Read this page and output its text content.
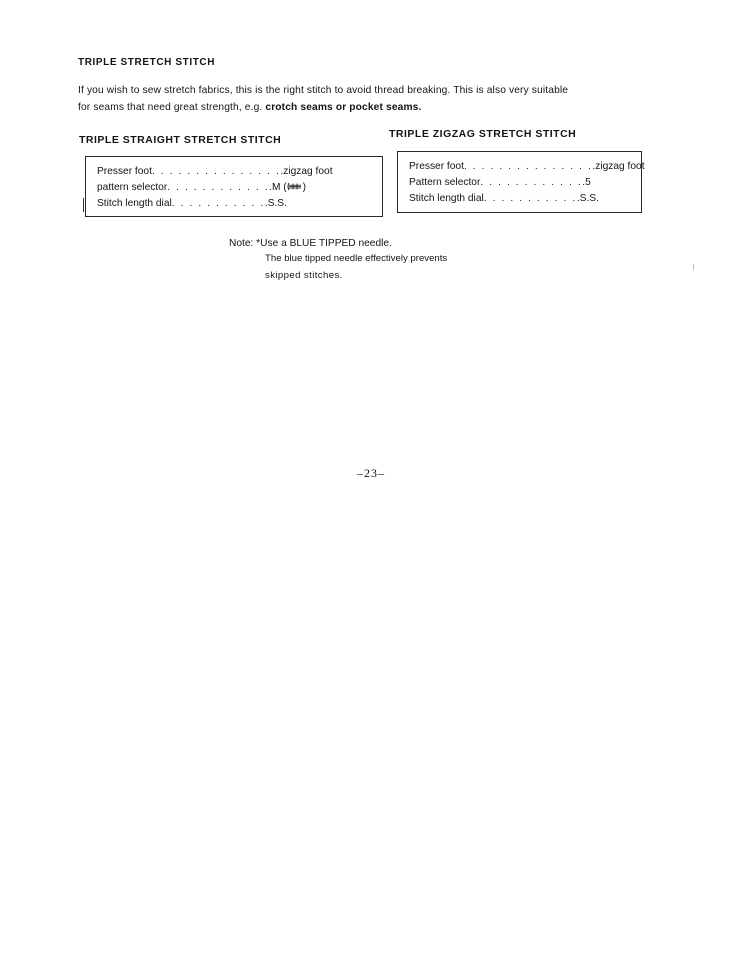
TRIPLE STRETCH STITCH
If you wish to sew stretch fabrics, this is the right stitch to avoid thread breaking. This is also very suitable
for seams that need great strength, e.g. crotch seams or pocket seams.
TRIPLE STRAIGHT STRETCH STITCH	TRIPLE ZIGZAG STRETCH STITCH
Presser foot. . . . . . . . . . . . . . ..zigzag foot
pattern selector. . . . . . . . . . . ..M ( )
Stitch length dial. . . . . . . . . . ..S.S.
Presser foot. . . . . . . . . . . . . . ..zigzag foot
Pattern selector. . . . . . . . . . . ..5
Stitch length dial. . . . . . . . . . ..S.S.
Note: *Use a BLUE TIPPED needle.
The blue tipped needle effectively prevents
skipped stitches.
–23–
